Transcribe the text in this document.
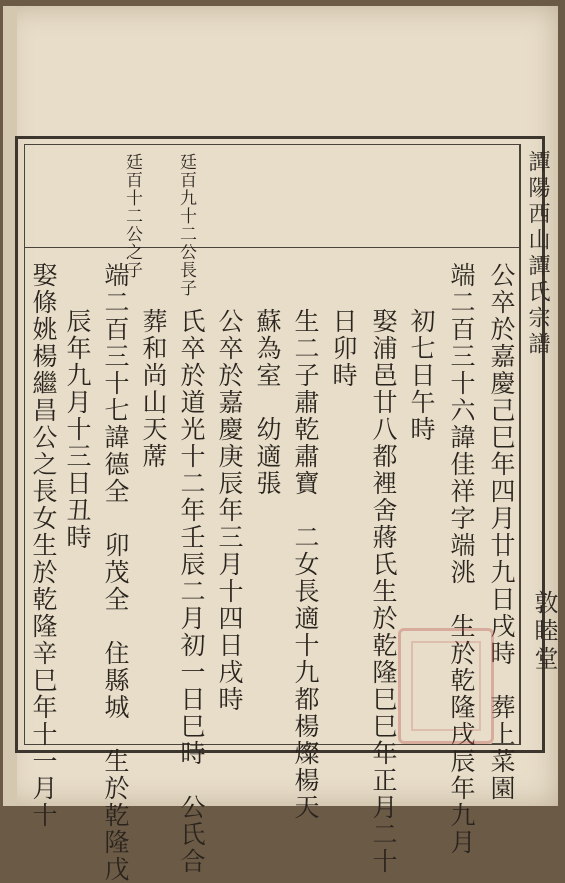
譚陽西山譚氏宗譜
敦睦堂
廷百九十二公長子
廷百十二公之子
公卒於嘉慶己巳年四月廿九日戌時　葬上菜園
端二百三十六諱佳祥字端洮　生於乾隆戌辰年九月
初七日午時
娶浦邑廿八都裡舍蔣氏生於乾隆巳巳年正月二十
日卯時
生二子肅乾肅寶　二女長適十九都楊燦楊天
蘇為室　幼適張
公卒於嘉慶庚辰年三月十四日戌時
氏卒於道光十二年壬辰二月初一日巳時　公氏合
葬和尚山天蓆
端二百三十七諱德全　卯茂全　住縣城　生於乾隆戊
辰年九月十三日丑時
娶條姚楊繼昌公之長女生於乾隆辛巳年十一月十
